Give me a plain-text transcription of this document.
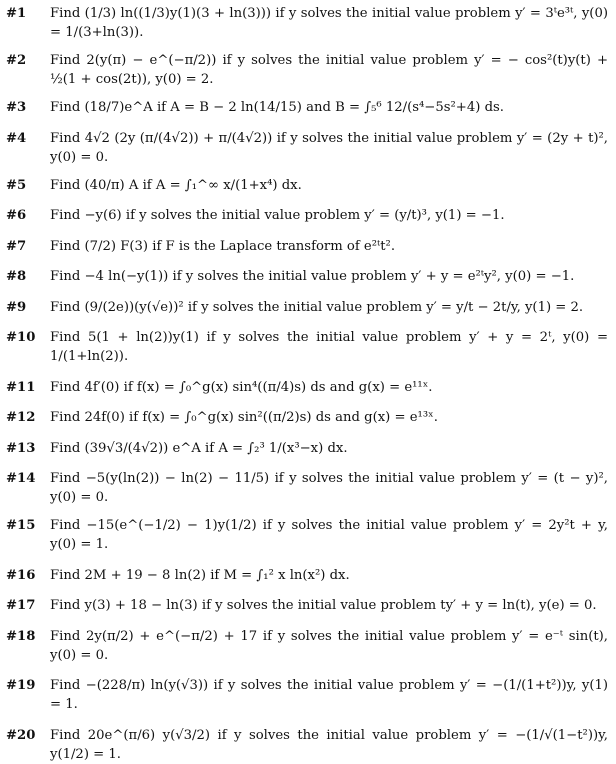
#1	Find (1/3) ln((1/3)y(1)(3 + ln(3))) if y solves the initial value problem y′ = 3ᵗe³ᵗ, y(0) = 1/(3+ln(3)).
#2	Find 2(y(π) − e^(−π/2)) if y solves the initial value problem y′ = − cos²(t)y(t) + ½(1 + cos(2t)), y(0) = 2.
#3	Find (18/7)e^A if A = B − 2 ln(14/15) and B = ∫₅⁶ 12/(s⁴−5s²+4) ds.
#4	Find 4√2 (2y (π/(4√2)) + π/(4√2)) if y solves the initial value problem y′ = (2y + t)², y(0) = 0.
#5	Find (40/π) A if A = ∫₁^∞ x/(1+x⁴) dx.
#6	Find −y(6) if y solves the initial value problem y′ = (y/t)³, y(1) = −1.
#7	Find (7/2) F(3) if F is the Laplace transform of e²ᵗt².
#8	Find −4 ln(−y(1)) if y solves the initial value problem y′ + y = e²ᵗy², y(0) = −1.
#9	Find (9/(2e))(y(√e))² if y solves the initial value problem y′ = y/t − 2t/y, y(1) = 2.
#10	Find 5(1 + ln(2))y(1) if y solves the initial value problem y′ + y = 2ᵗ, y(0) = 1/(1+ln(2)).
#11	Find 4f′(0) if f(x) = ∫₀^g(x) sin⁴((π/4)s) ds and g(x) = e¹¹ˣ.
#12	Find 24f(0) if f(x) = ∫₀^g(x) sin²((π/2)s) ds and g(x) = e¹³ˣ.
#13	Find (39√3/(4√2)) e^A if A = ∫₂³ 1/(x³−x) dx.
#14	Find −5(y(ln(2)) − ln(2) − 11/5) if y solves the initial value problem y′ = (t − y)², y(0) = 0.
#15	Find −15(e^(−1/2) − 1)y(1/2) if y solves the initial value problem y′ = 2y²t + y, y(0) = 1.
#16	Find 2M + 19 − 8 ln(2) if M = ∫₁² x ln(x²) dx.
#17	Find y(3) + 18 − ln(3) if y solves the initial value problem ty′ + y = ln(t), y(e) = 0.
#18	Find 2y(π/2) + e^(−π/2) + 17 if y solves the initial value problem y′ = e⁻ᵗ sin(t), y(0) = 0.
#19	Find −(228/π) ln(y(√3)) if y solves the initial value problem y′ = −(1/(1+t²))y, y(1) = 1.
#20	Find 20e^(π/6) y(√3/2) if y solves the initial value problem y′ = −(1/√(1−t²))y, y(1/2) = 1.
